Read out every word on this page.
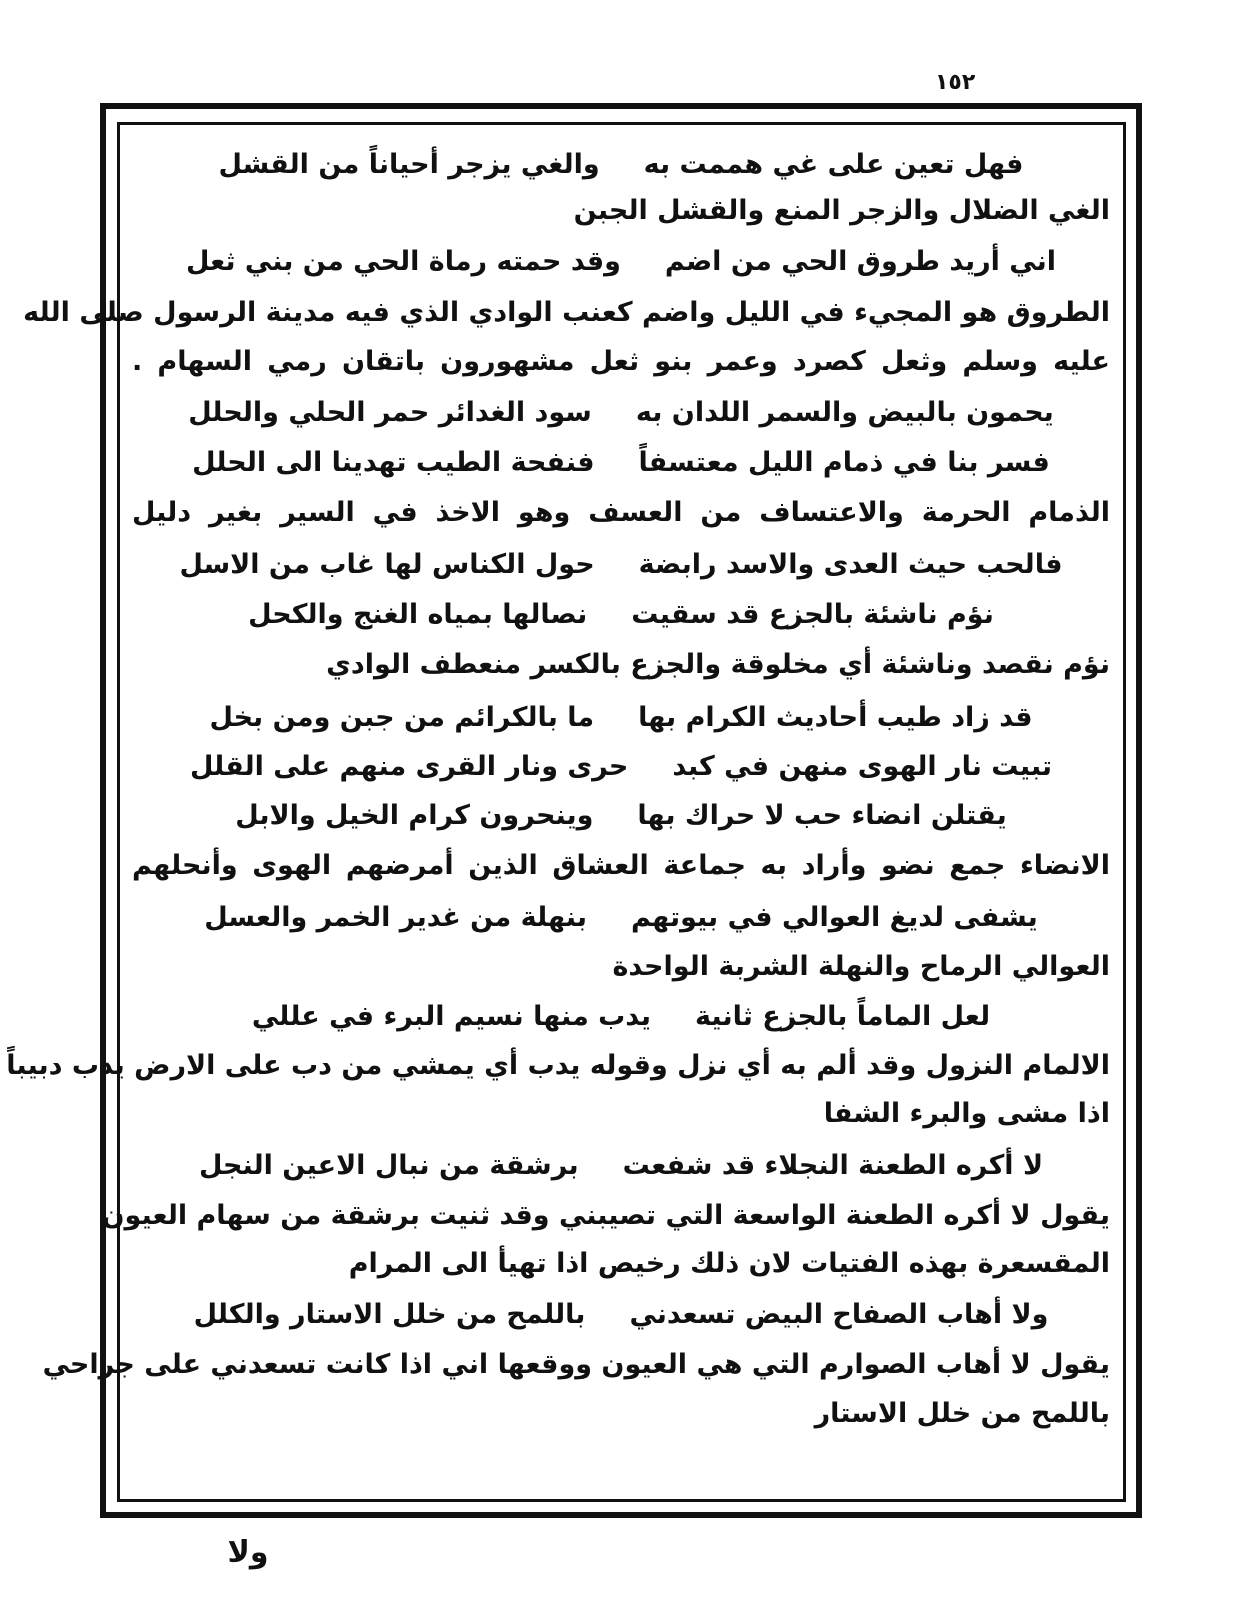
١٥٢
فهل تعين على غي هممت به
والغي يزجر أحياناً من القشل
الغي الضلال والزجر المنع والقشل الجبن
اني أريد طروق الحي من اضم
وقد حمته رماة الحي من بني ثعل
الطروق هو المجيء في الليل واضم كعنب الوادي الذي فيه مدينة الرسول صلى الله
عليه وسلم وثعل كصرد وعمر بنو ثعل مشهورون باتقان رمي السهام .
يحمون بالبيض والسمر اللدان به
سود الغدائر حمر الحلي والحلل
فسر بنا في ذمام الليل معتسفاً
فنفحة الطيب تهدينا الى الحلل
الذمام الحرمة والاعتساف من العسف وهو الاخذ في السير بغير دليل
فالحب حيث العدى والاسد رابضة
حول الكناس لها غاب من الاسل
نؤم ناشئة بالجزع قد سقيت
نصالها بمياه الغنج والكحل
نؤم نقصد وناشئة أي مخلوقة والجزع بالكسر منعطف الوادي
قد زاد طيب أحاديث الكرام بها
ما بالكرائم من جبن ومن بخل
تبيت نار الهوى منهن في كبد
حرى ونار القرى منهم على القلل
يقتلن انضاء حب لا حراك بها
وينحرون كرام الخيل والابل
الانضاء جمع نضو وأراد به جماعة العشاق الذين أمرضهم الهوى وأنحلهم
يشفى لديغ العوالي في بيوتهم
بنهلة من غدير الخمر والعسل
العوالي الرماح والنهلة الشربة الواحدة
لعل الماماً بالجزع ثانية
يدب منها نسيم البرء في عللي
الالمام النزول وقد ألم به أي نزل وقوله يدب أي يمشي من دب على الارض يدب دبيباً
اذا مشى والبرء الشفا
لا أكره الطعنة النجلاء قد شفعت
برشقة من نبال الاعين النجل
يقول لا أكره الطعنة الواسعة التي تصيبني وقد ثنيت برشقة من سهام العيون
المقسعرة بهذه الفتيات لان ذلك رخيص اذا تهيأ الى المرام
ولا أهاب الصفاح البيض تسعدني
باللمح من خلل الاستار والكلل
يقول لا أهاب الصوارم التي هي العيون ووقعها اني اذا كانت تسعدني على جراحي
باللمح من خلل الاستار
ولا
